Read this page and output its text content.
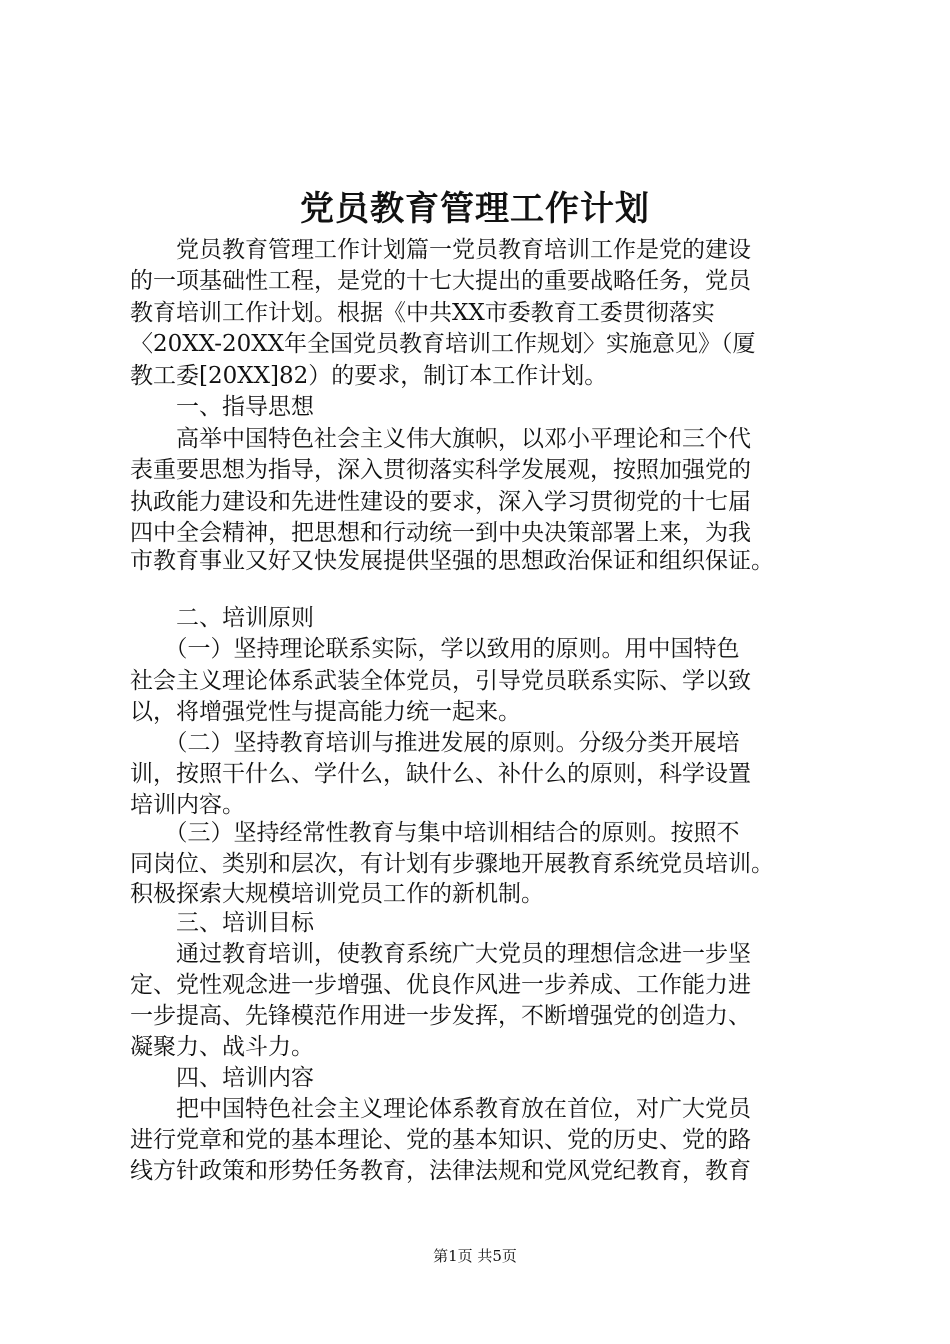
党员教育管理工作计划
　　党员教育管理工作计划篇一党员教育培训工作是党的建设
的一项基础性工程，是党的十七大提出的重要战略任务，党员
教育培训工作计划。根据《中共XX市委教育工委贯彻落实
〈20XX-20XX年全国党员教育培训工作规划〉实施意见》（厦
教工委[20XX]82）的要求，制订本工作计划。
　　一、指导思想
　　高举中国特色社会主义伟大旗帜，以邓小平理论和三个代
表重要思想为指导，深入贯彻落实科学发展观，按照加强党的
执政能力建设和先进性建设的要求，深入学习贯彻党的十七届
四中全会精神，把思想和行动统一到中央决策部署上来，为我
市教育事业又好又快发展提供坚强的思想政治保证和组织保证。
　　二、培训原则
　　（一）坚持理论联系实际，学以致用的原则。用中国特色
社会主义理论体系武装全体党员，引导党员联系实际、学以致
以，将增强党性与提高能力统一起来。
　　（二）坚持教育培训与推进发展的原则。分级分类开展培
训，按照干什么、学什么，缺什么、补什么的原则，科学设置
培训内容。
　　（三）坚持经常性教育与集中培训相结合的原则。按照不
同岗位、类别和层次，有计划有步骤地开展教育系统党员培训。
积极探索大规模培训党员工作的新机制。
　　三、培训目标
　　通过教育培训，使教育系统广大党员的理想信念进一步坚
定、党性观念进一步增强、优良作风进一步养成、工作能力进
一步提高、先锋模范作用进一步发挥，不断增强党的创造力、
凝聚力、战斗力。
　　四、培训内容
　　把中国特色社会主义理论体系教育放在首位，对广大党员
进行党章和党的基本理论、党的基本知识、党的历史、党的路
线方针政策和形势任务教育，法律法规和党风党纪教育，教育
第1页 共5页
